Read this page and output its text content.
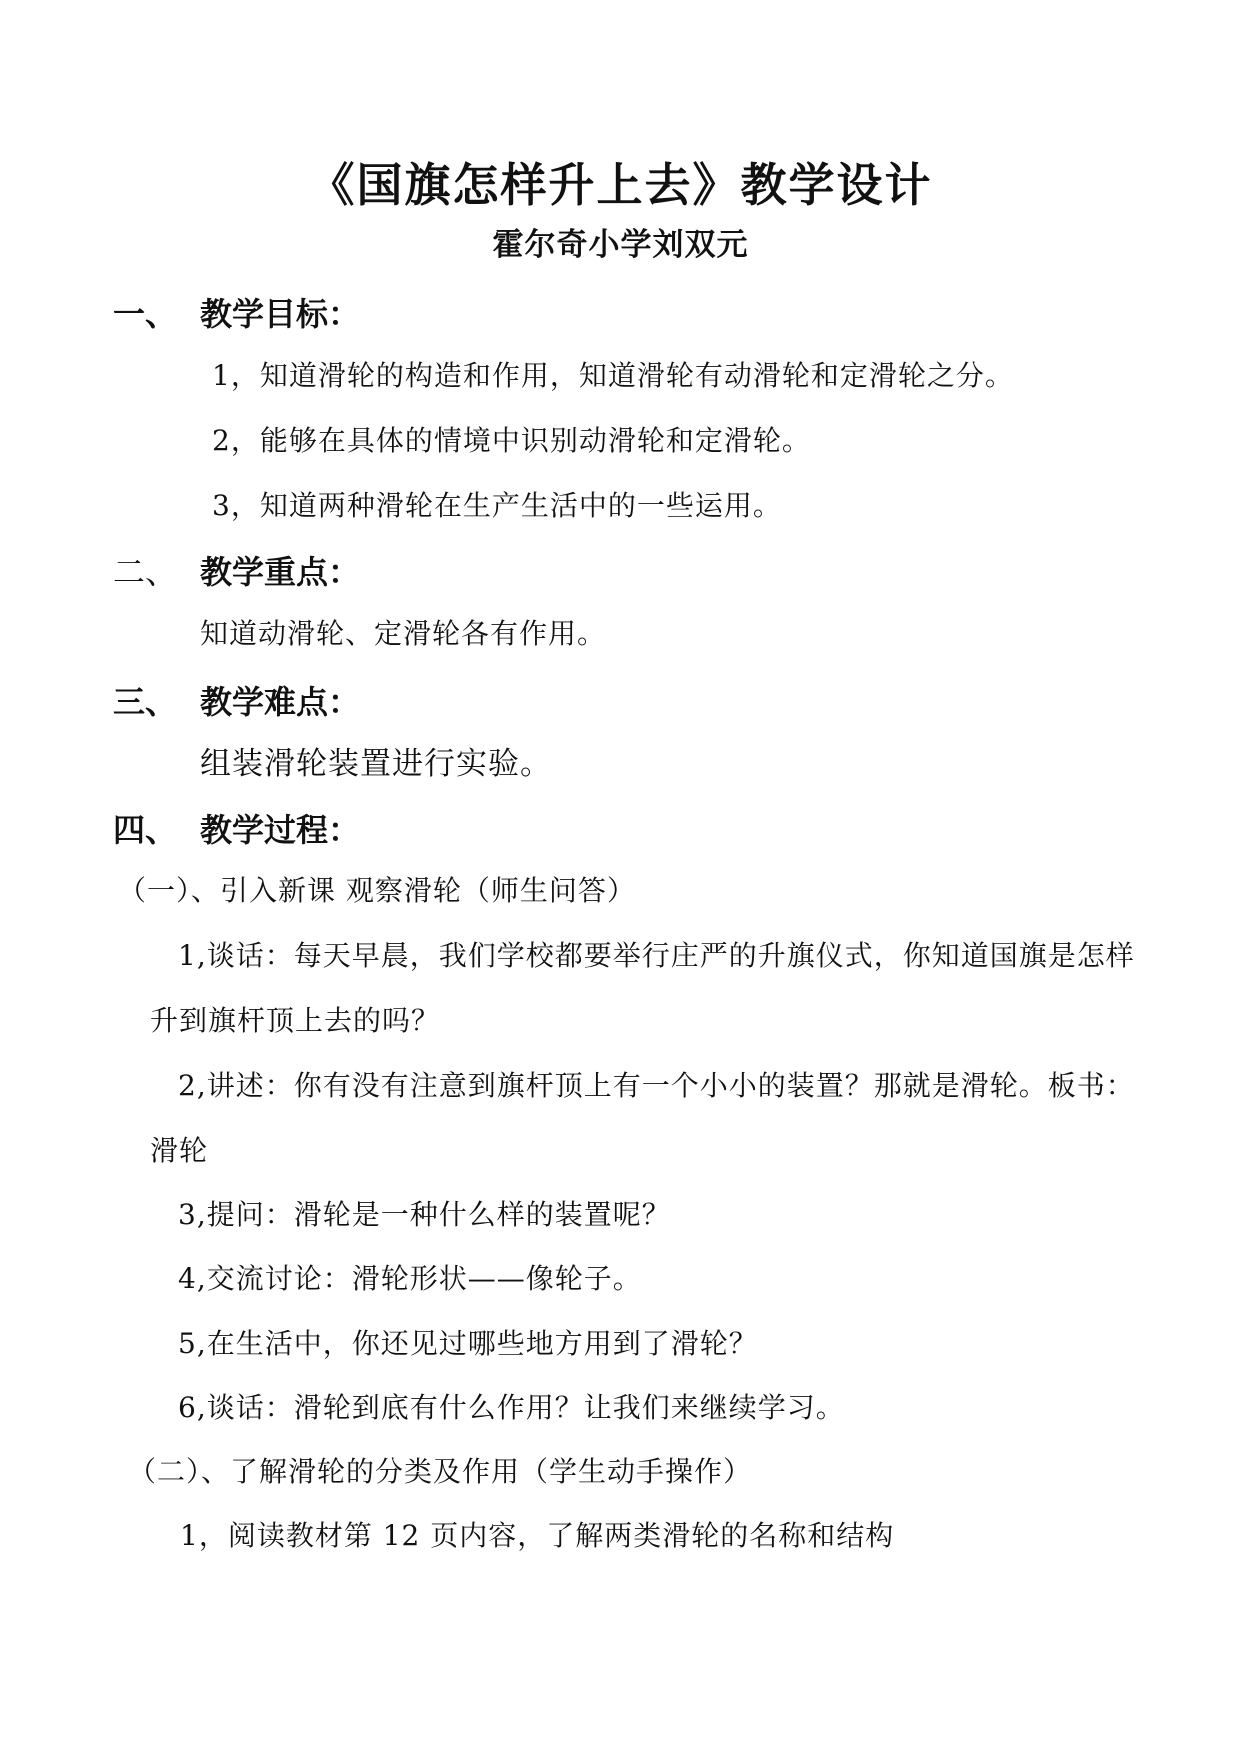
《国旗怎样升上去》教学设计
霍尔奇小学刘双元
一、 教学目标：
1，知道滑轮的构造和作用，知道滑轮有动滑轮和定滑轮之分。
2，能够在具体的情境中识别动滑轮和定滑轮。
3，知道两种滑轮在生产生活中的一些运用。
二、 教学重点：
知道动滑轮、定滑轮各有作用。
三、 教学难点：
组装滑轮装置进行实验。
四、 教学过程：
（一）、引入新课 观察滑轮（师生问答）
1,谈话：每天早晨，我们学校都要举行庄严的升旗仪式，你知道国旗是怎样
升到旗杆顶上去的吗？
2,讲述：你有没有注意到旗杆顶上有一个小小的装置？那就是滑轮。板书：
滑轮
3,提问：滑轮是一种什么样的装置呢？
4,交流讨论：滑轮形状——像轮子。
5,在生活中，你还见过哪些地方用到了滑轮？
6,谈话：滑轮到底有什么作用？让我们来继续学习。
（二）、了解滑轮的分类及作用（学生动手操作）
1，阅读教材第 12 页内容，了解两类滑轮的名称和结构
